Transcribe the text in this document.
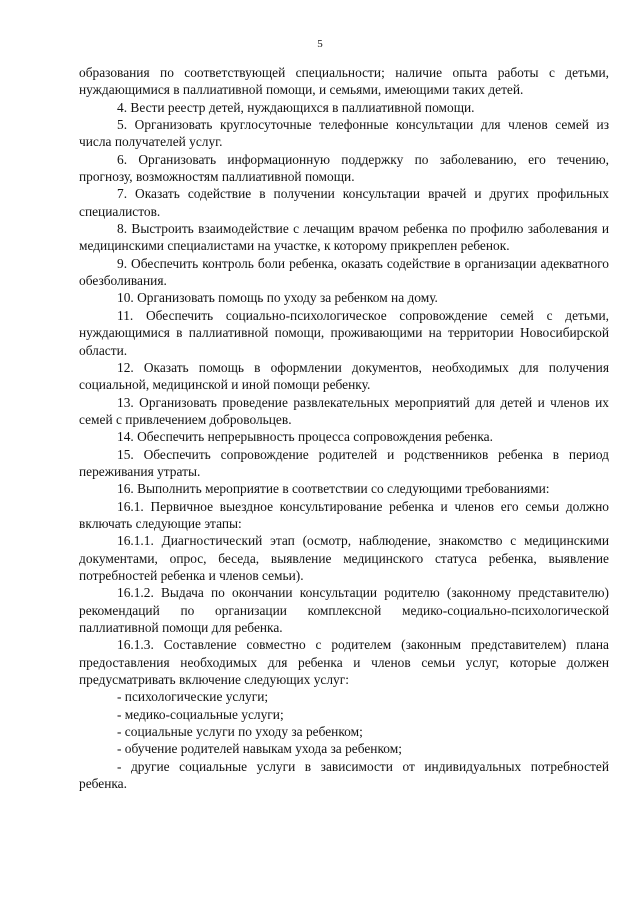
5

образования по соответствующей специальности; наличие опыта работы с детьми, нуждающимися в паллиативной помощи, и семьями, имеющими таких детей.

4. Вести реестр детей, нуждающихся в паллиативной помощи.

5. Организовать круглосуточные телефонные консультации для членов семей из числа получателей услуг.

6. Организовать информационную поддержку по заболеванию, его течению, прогнозу, возможностям паллиативной помощи.

7. Оказать содействие в получении консультации врачей и других профильных специалистов.

8. Выстроить взаимодействие с лечащим врачом ребенка по профилю заболевания и медицинскими специалистами на участке, к которому прикреплен ребенок.

9. Обеспечить контроль боли ребенка, оказать содействие в организации адекватного обезболивания.

10. Организовать помощь по уходу за ребенком на дому.

11. Обеспечить социально-психологическое сопровождение семей с детьми, нуждающимися в паллиативной помощи, проживающими на территории Новосибирской области.

12. Оказать помощь в оформлении документов, необходимых для получения социальной, медицинской и иной помощи ребенку.

13. Организовать проведение развлекательных мероприятий для детей и членов их семей с привлечением добровольцев.

14. Обеспечить непрерывность процесса сопровождения ребенка.

15. Обеспечить сопровождение родителей и родственников ребенка в период переживания утраты.

16. Выполнить мероприятие в соответствии со следующими требованиями:

16.1. Первичное выездное консультирование ребенка и членов его семьи должно включать следующие этапы:

16.1.1. Диагностический этап (осмотр, наблюдение, знакомство с медицинскими документами, опрос, беседа, выявление медицинского статуса ребенка, выявление потребностей ребенка и членов семьи).

16.1.2. Выдача по окончании консультации родителю (законному представителю) рекомендаций по организации комплексной медико-социально-психологической паллиативной помощи для ребенка.

16.1.3. Составление совместно с родителем (законным представителем) плана предоставления необходимых для ребенка и членов семьи услуг, которые должен предусматривать включение следующих услуг:

- психологические услуги;

- медико-социальные услуги;

- социальные услуги по уходу за ребенком;

- обучение родителей навыкам ухода за ребенком;

- другие социальные услуги в зависимости от индивидуальных потребностей ребенка.
